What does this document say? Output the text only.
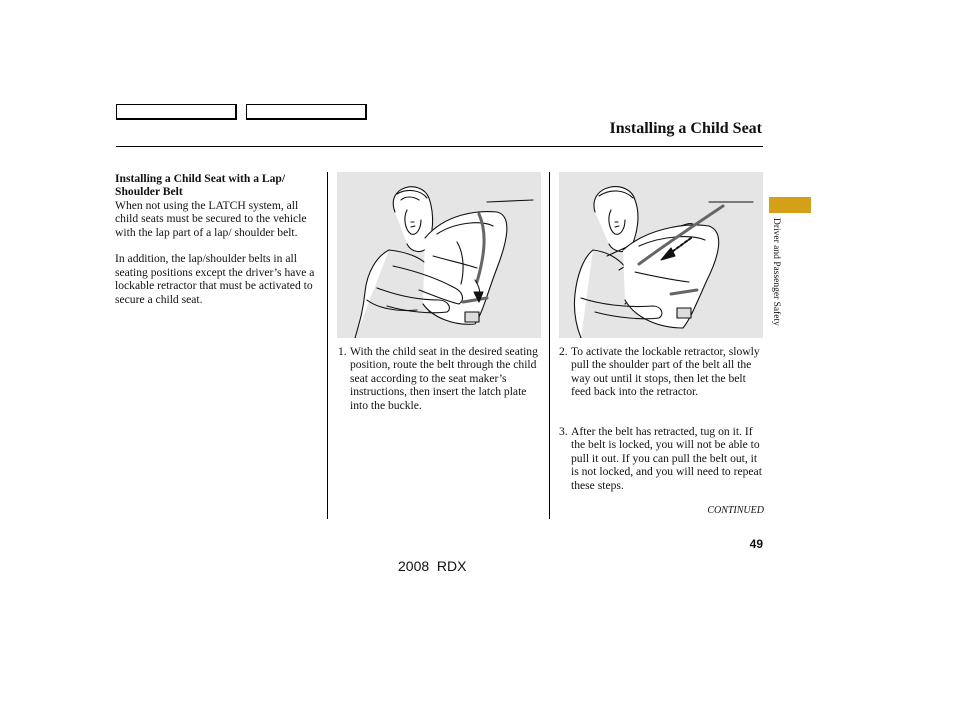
Installing a Child Seat
Installing a Child Seat with a Lap/ Shoulder Belt

When not using the LATCH system, all child seats must be secured to the vehicle with the lap part of a lap/ shoulder belt.

In addition, the lap/shoulder belts in all seating positions except the driver’s have a lockable retractor that must be activated to secure a child seat.

1. With the child seat in the desired seating position, route the belt through the child seat according to the seat maker’s instructions, then insert the latch plate into the buckle.
2. To activate the lockable retractor, slowly pull the shoulder part of the belt all the way out until it stops, then let the belt feed back into the retractor.
3. After the belt has retracted, tug on it. If the belt is locked, you will not be able to pull it out. If you can pull the belt out, it is not locked, and you will need to repeat these steps.
CONTINUED
49
2008  RDX
Driver and Passenger Safety
